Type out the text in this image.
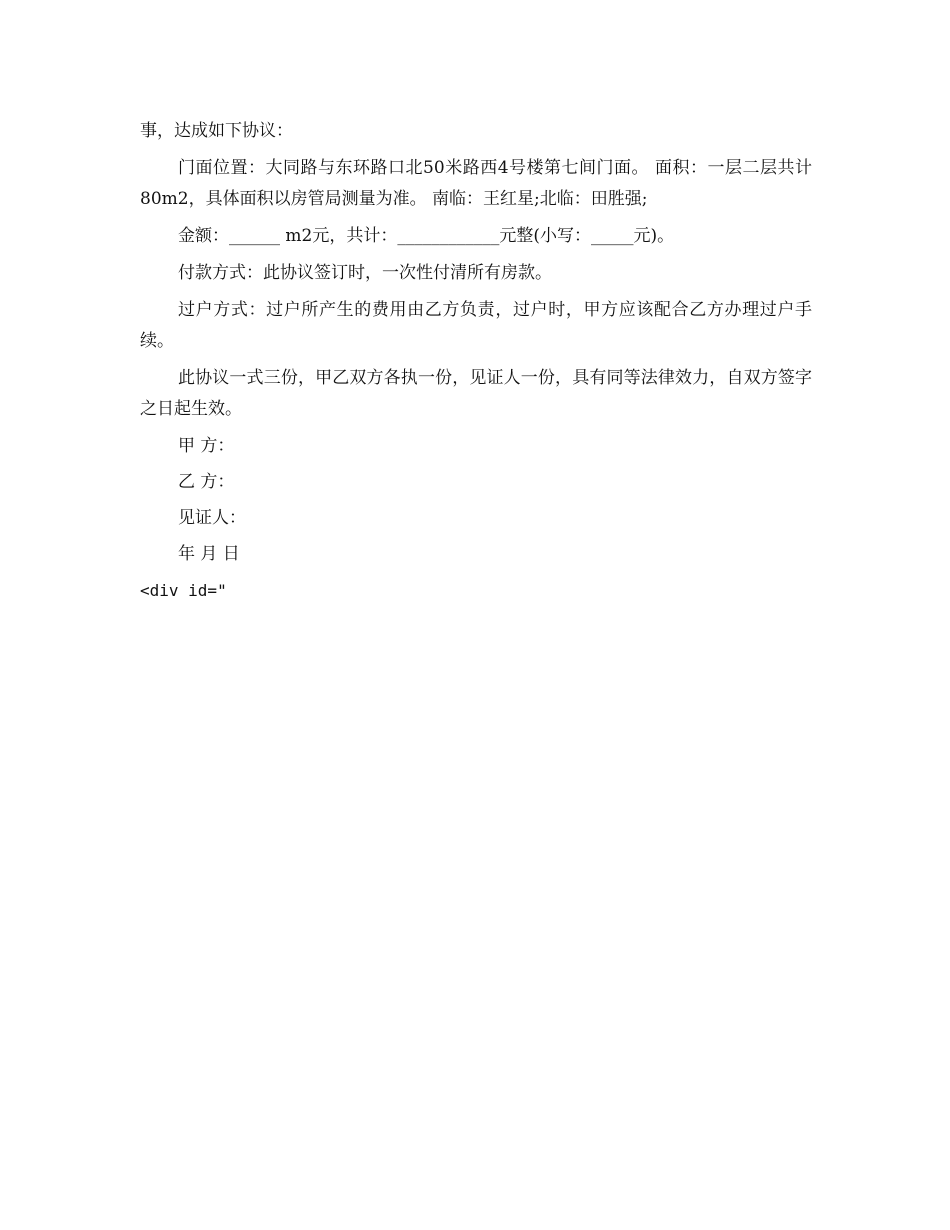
事，达成如下协议：

门面位置：大同路与东环路口北50米路西4号楼第七间门面。 面积：一层二层共计80m2，具体面积以房管局测量为准。 南临：王红星;北临：田胜强;

金额：______ m2元，共计：____________元整(小写：_____元)。

付款方式：此协议签订时，一次性付清所有房款。

过户方式：过户所产生的费用由乙方负责，过户时，甲方应该配合乙方办理过户手续。

此协议一式三份，甲乙双方各执一份，见证人一份，具有同等法律效力，自双方签字之日起生效。

甲 方：

乙 方：

见证人：

年 月 日

<div id="
